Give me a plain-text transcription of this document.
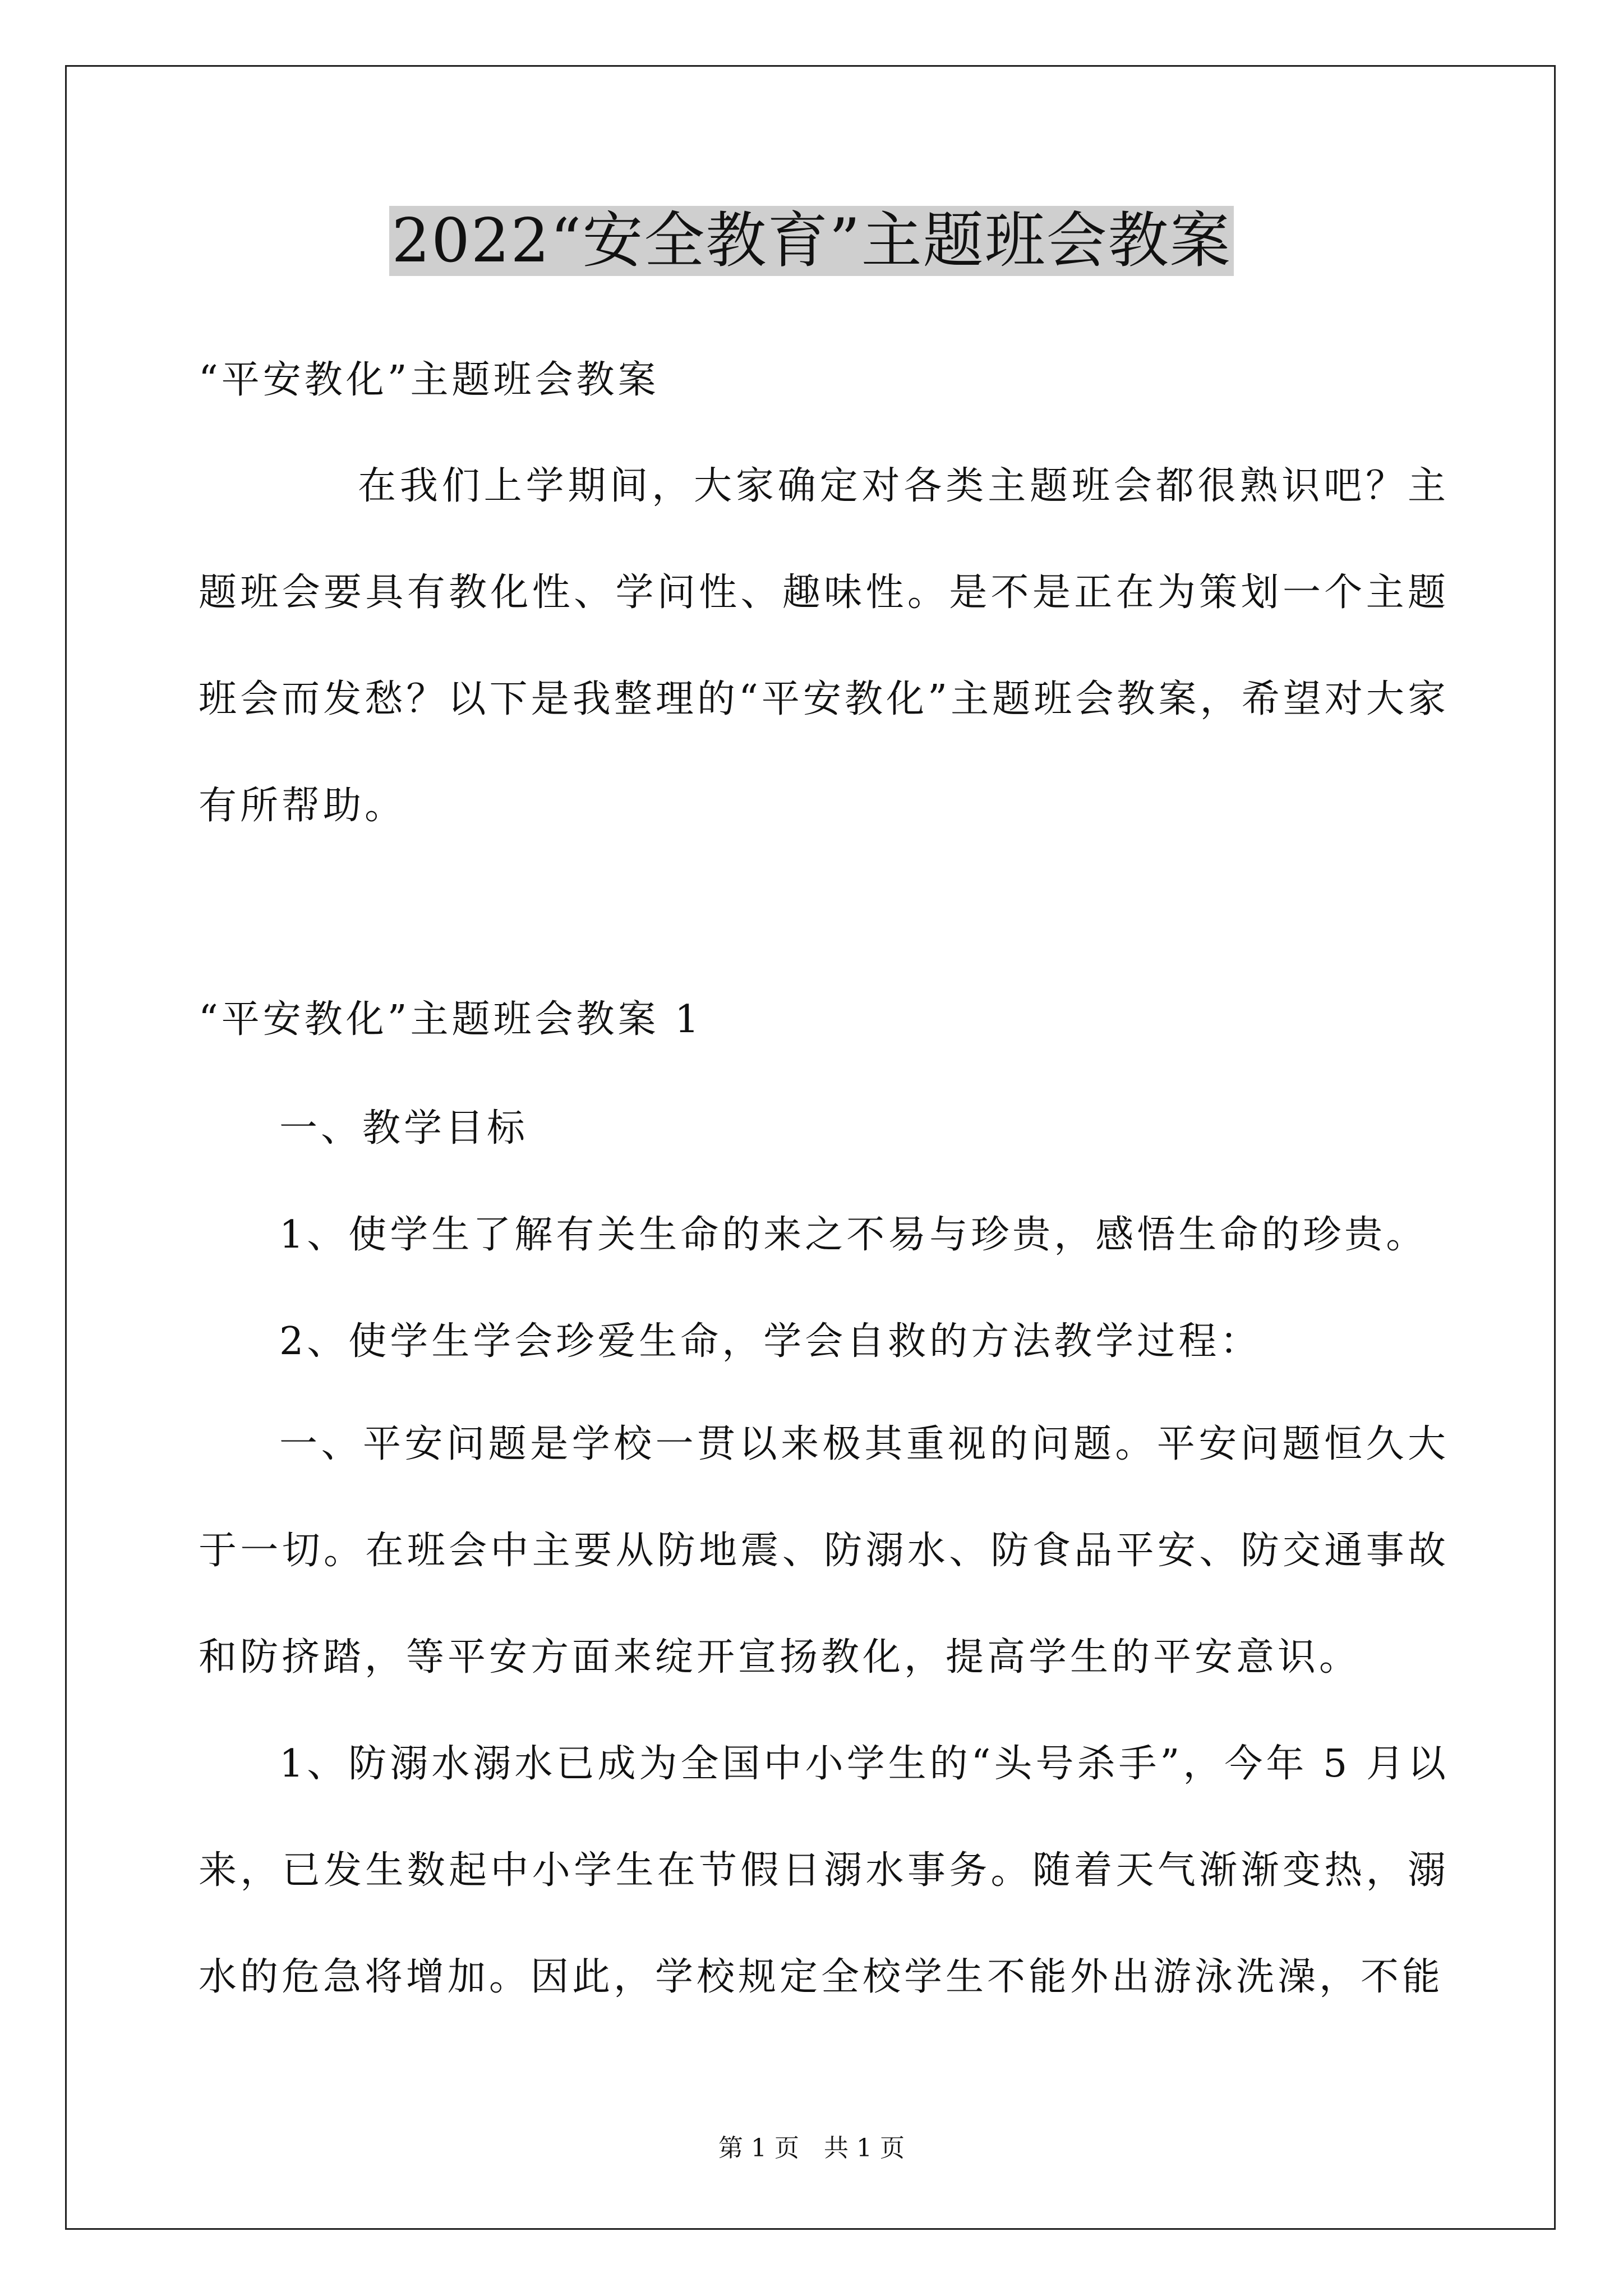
2022“安全教育”主题班会教案
“平安教化”主题班会教案
在我们上学期间，大家确定对各类主题班会都很熟识吧？主题班会要具有教化性、学问性、趣味性。是不是正在为策划一个主题班会而发愁？以下是我整理的“平安教化”主题班会教案，希望对大家有所帮助。
“平安教化”主题班会教案 1
一、教学目标
1、使学生了解有关生命的来之不易与珍贵，感悟生命的珍贵。
2、使学生学会珍爱生命，学会自救的方法教学过程：
一、平安问题是学校一贯以来极其重视的问题。平安问题恒久大于一切。在班会中主要从防地震、防溺水、防食品平安、防交通事故和防挤踏，等平安方面来绽开宣扬教化，提高学生的平安意识。
1、防溺水溺水已成为全国中小学生的“头号杀手”，今年 5 月以来，已发生数起中小学生在节假日溺水事务。随着天气渐渐变热，溺水的危急将增加。因此，学校规定全校学生不能外出游泳洗澡，不能
第 1 页　共 1 页
